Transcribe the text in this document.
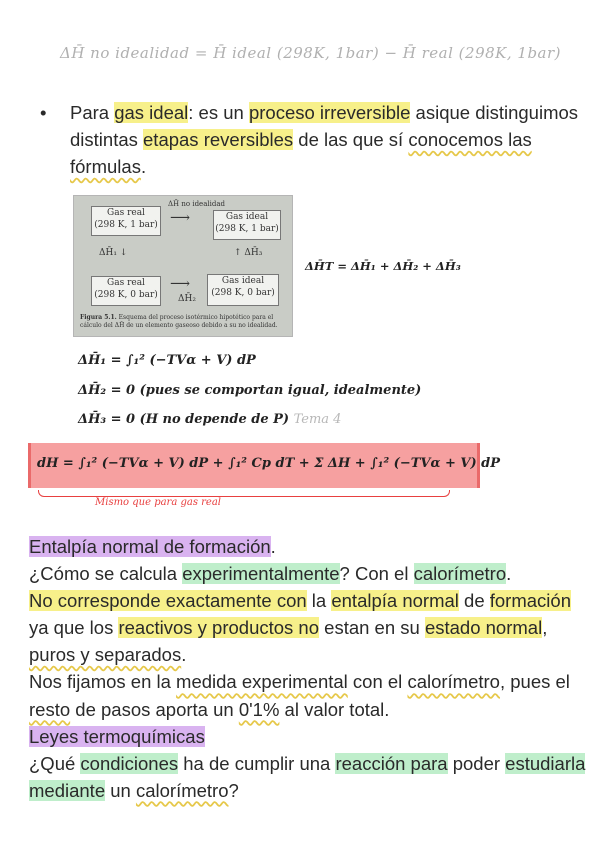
ΔH̄ no idealidad = H̄ ideal (298K, 1bar) − H̄ real (298K, 1bar)
• Para gas ideal: es un proceso irreversible asique distinguimos distintas etapas reversibles de las que sí conocemos las fórmulas.
Gas real
(298 K, 1 bar)
Gas ideal
(298 K, 1 bar)
Gas real
(298 K, 0 bar)
Gas ideal
(298 K, 0 bar)
ΔH̄ no idealidad
⟶
ΔH̄₁ ↓	↑ ΔH̄₃
⟶
ΔH̄₂
Figura 5.1. Esquema del proceso isotérmico hipotético para el cálculo del ΔH̄ de un elemento gaseoso debido a su no idealidad.
ΔH̄T = ΔH̄₁ + ΔH̄₂ + ΔH̄₃
ΔH̄₁ = ∫₁² (−TVα + V) dP
ΔH̄₂ = 0 (pues se comportan igual, idealmente)
ΔH̄₃ = 0 (H no depende de P) Tema 4
dH = ∫₁² (−TVα + V) dP + ∫₁² Cp dT + Σ ΔH + ∫₁² (−TVα + V) dP
Mismo que para gas real

Entalpía normal de formación.

¿Cómo se calcula experimentalmente? Con el calorímetro.

No corresponde exactamente con la entalpía normal de formación ya que los reactivos y productos no estan en su estado normal, puros y separados.

Nos fijamos en la medida experimental con el calorímetro, pues el resto de pasos aporta un 0'1% al valor total.

Leyes termoquímicas

¿Qué condiciones ha de cumplir una reacción para poder estudiarla mediante un calorímetro?
